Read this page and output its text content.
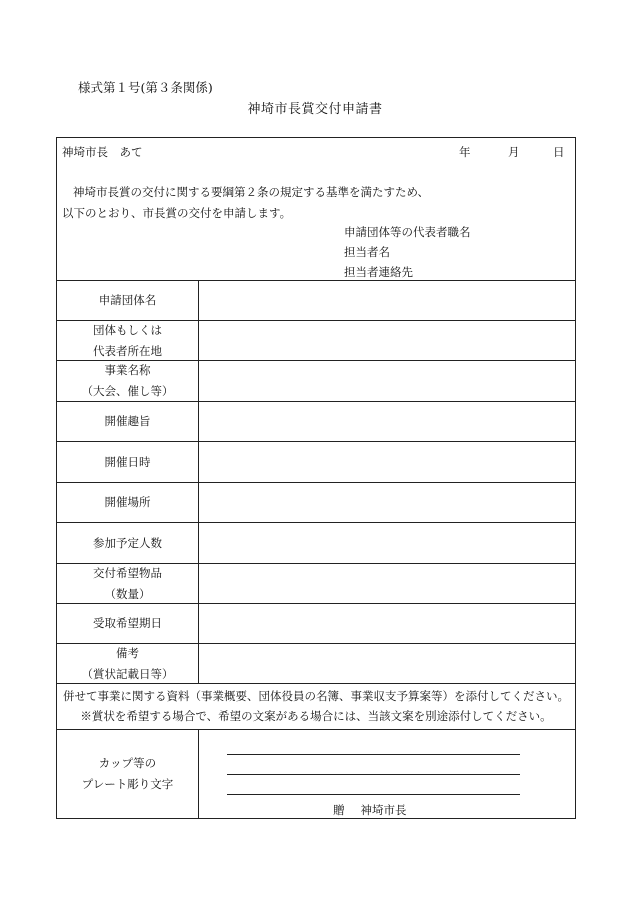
様式第１号(第３条関係)
神埼市長賞交付申請書
神埼市長　あて	年	月	日
神埼市長賞の交付に関する要綱第２条の規定する基準を満たすため、
以下のとおり、市長賞の交付を申請します。
申請団体等の代表者職名
担当者名
担当者連絡先
申請団体名
団体もしくは
代表者所在地
事業名称
（大会、催し等）
開催趣旨
開催日時
開催場所
参加予定人数
交付希望物品
（数量）
受取希望期日
備考
（賞状記載日等）
併せて事業に関する資料（事業概要、団体役員の名簿、事業収支予算案等）を添付してください。
※賞状を希望する場合で、希望の文案がある場合には、当該文案を別途添付してください。
カップ等の
プレート彫り文字
贈 神埼市長
